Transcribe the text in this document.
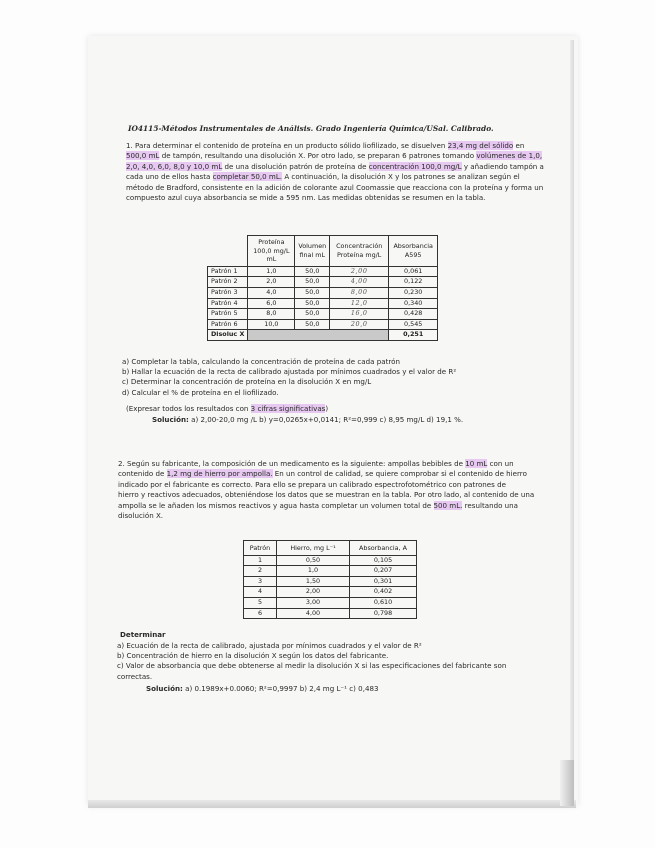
IO4115-Métodos Instrumentales de Análisis. Grado Ingeniería Química/USal. Calibrado.
1. Para determinar el contenido de proteína en un producto sólido liofilizado, se disuelven 23,4 mg del sólido en
500,0 mL de tampón, resultando una disolución X. Por otro lado, se preparan 6 patrones tomando volúmenes de 1,0,
2,0, 4,0, 6,0, 8,0 y 10,0 mL de una disolución patrón de proteína de concentración 100,0 mg/L y añadiendo tampón a
cada uno de ellos hasta completar 50,0 mL. A continuación, la disolución X y los patrones se analizan según el
método de Bradford, consistente en la adición de colorante azul Coomassie que reacciona con la proteína y forma un
compuesto azul cuya absorbancia se mide a 595 nm. Las medidas obtenidas se resumen en la tabla.
	Proteína 100,0 mg/L mL	Volumen final mL	Concentración Proteína mg/L	Absorbancia A595
Patrón 1	1,0	50,0	2,00	0,061
Patrón 2	2,0	50,0	4,00	0,122
Patrón 3	4,0	50,0	8,00	0,230
Patrón 4	6,0	50,0	12,0	0,340
Patrón 5	8,0	50,0	16,0	0,428
Patrón 6	10,0	50,0	20,0	0,545
Disoluc X				0,251
a) Completar la tabla, calculando la concentración de proteína de cada patrón
b) Hallar la ecuación de la recta de calibrado ajustada por mínimos cuadrados y el valor de R²
c) Determinar la concentración de proteína en la disolución X en mg/L
d) Calcular el % de proteína en el liofilizado.
(Expresar todos los resultados con 3 cifras significativas)
Solución: a) 2,00-20,0 mg /L b) y=0,0265x+0,0141; R²=0,999 c) 8,95 mg/L d) 19,1 %.
2. Según su fabricante, la composición de un medicamento es la siguiente: ampollas bebibles de 10 mL con un
contenido de 1,2 mg de hierro por ampolla. En un control de calidad, se quiere comprobar si el contenido de hierro
indicado por el fabricante es correcto. Para ello se prepara un calibrado espectrofotométrico con patrones de
hierro y reactivos adecuados, obteniéndose los datos que se muestran en la tabla. Por otro lado, al contenido de una
ampolla se le añaden los mismos reactivos y agua hasta completar un volumen total de 500 mL. resultando una
disolución X.
Patrón	Hierro, mg L⁻¹	Absorbancia, A
1	0,50	0,105
2	1,0	0,207
3	1,50	0,301
4	2,00	0,402
5	3,00	0,610
6	4,00	0,798
Determinar
a) Ecuación de la recta de calibrado, ajustada por mínimos cuadrados y el valor de R²
b) Concentración de hierro en la disolución X según los datos del fabricante.
c) Valor de absorbancia que debe obtenerse al medir la disolución X si las especificaciones del fabricante son
correctas.
Solución: a) 0.1989x+0.0060; R²=0,9997 b) 2,4 mg L⁻¹ c) 0,483
